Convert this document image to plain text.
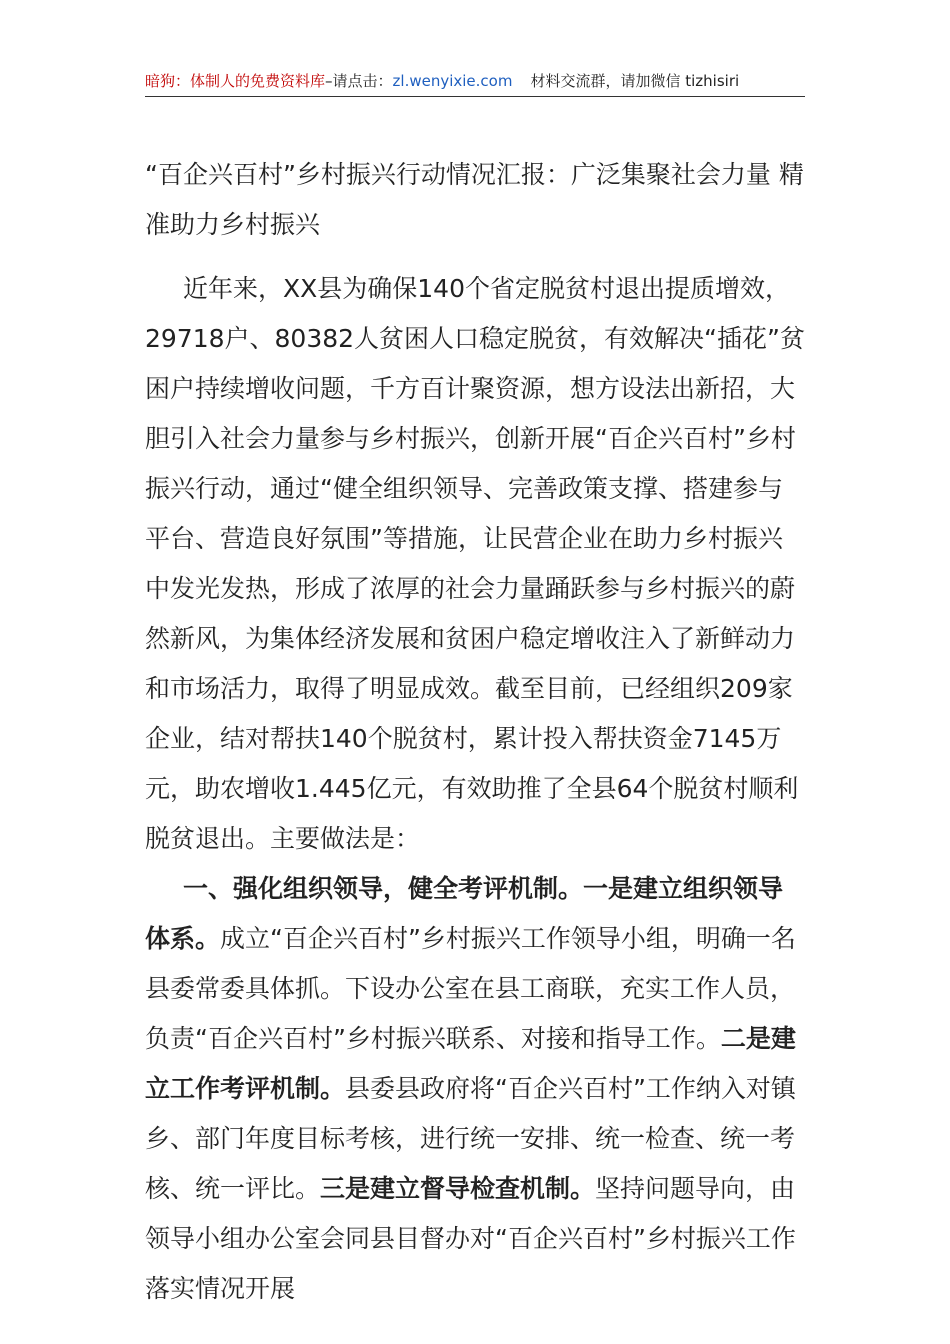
暗狗：体制人的免费资料库–请点击：zl.wenyixie.com 材料交流群，请加微信 tizhisiri

“百企兴百村”乡村振兴行动情况汇报：广泛集聚社会力量 精准助力乡村振兴

近年来，XX县为确保140个省定脱贫村退出提质增效，29718户、80382人贫困人口稳定脱贫，有效解决“插花”贫困户持续增收问题，千方百计聚资源，想方设法出新招，大胆引入社会力量参与乡村振兴，创新开展“百企兴百村”乡村振兴行动，通过“健全组织领导、完善政策支撑、搭建参与平台、营造良好氛围”等措施，让民营企业在助力乡村振兴中发光发热，形成了浓厚的社会力量踊跃参与乡村振兴的蔚然新风，为集体经济发展和贫困户稳定增收注入了新鲜动力和市场活力，取得了明显成效。截至目前，已经组织209家企业，结对帮扶140个脱贫村，累计投入帮扶资金7145万元，助农增收1.445亿元，有效助推了全县64个脱贫村顺利脱贫退出。主要做法是：

一、强化组织领导，健全考评机制。一是建立组织领导体系。成立“百企兴百村”乡村振兴工作领导小组，明确一名县委常委具体抓。下设办公室在县工商联，充实工作人员，负责“百企兴百村”乡村振兴联系、对接和指导工作。二是建立工作考评机制。县委县政府将“百企兴百村”工作纳入对镇乡、部门年度目标考核，进行统一安排、统一检查、统一考核、统一评比。三是建立督导检查机制。坚持问题导向，由领导小组办公室会同县目督办对“百企兴百村”乡村振兴工作落实情况开展
